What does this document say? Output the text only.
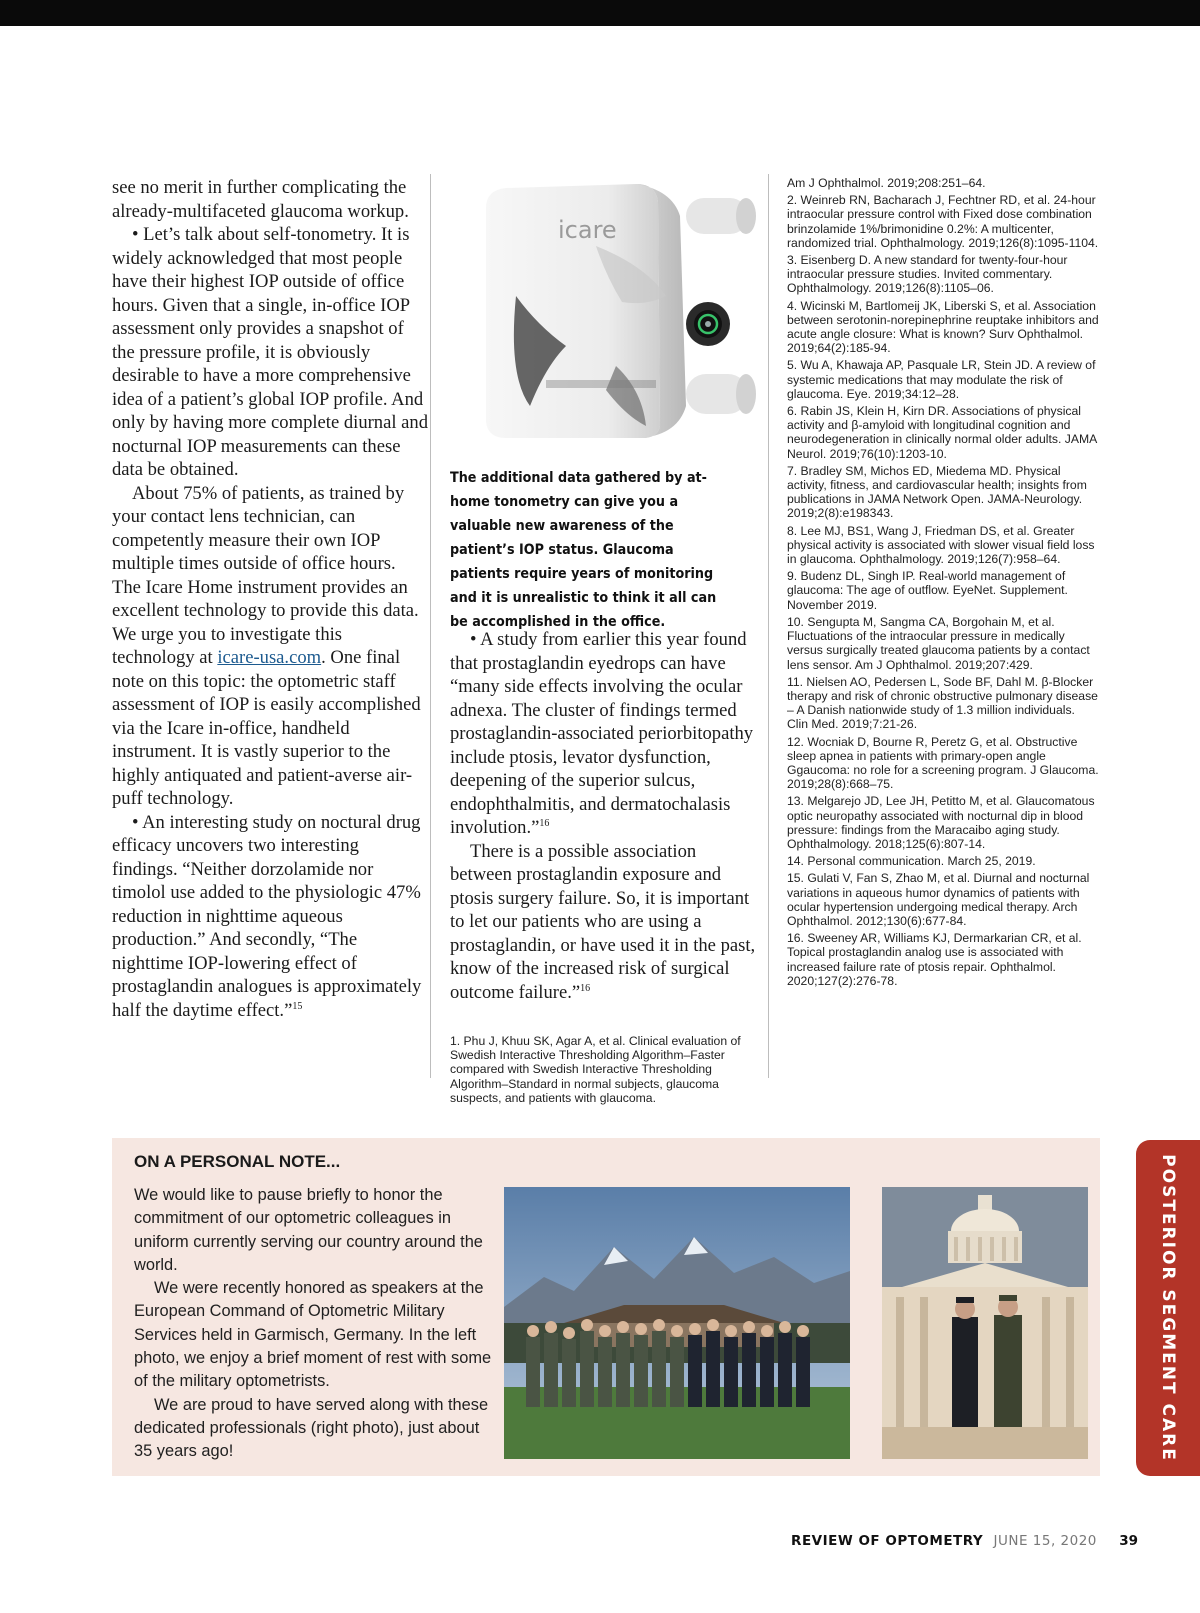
see no merit in further complicating the already-multifaceted glaucoma workup.

• Let’s talk about self-tonometry. It is widely acknowledged that most people have their highest IOP outside of office hours. Given that a single, in-office IOP assessment only provides a snapshot of the pressure profile, it is obviously desirable to have a more comprehensive idea of a patient’s global IOP profile. And only by having more complete diurnal and nocturnal IOP measurements can these data be obtained.

About 75% of patients, as trained by your contact lens technician, can competently measure their own IOP multiple times outside of office hours. The Icare Home instrument provides an excellent technology to provide this data. We urge you to investigate this technology at icare-usa.com. One final note on this topic: the optometric staff assessment of IOP is easily accomplished via the Icare in-office, handheld instrument. It is vastly superior to the highly antiquated and patient-averse air-puff technology.

• An interesting study on noctural drug efficacy uncovers two interesting findings. “Neither dorzolamide nor timolol use added to the physiologic 47% reduction in nighttime aqueous production.” And secondly, “The nighttime IOP-lowering effect of prostaglandin analogues is approximately half the daytime effect.”$^{15}$

icare
The additional data gathered by at-home tonometry can give you a valuable new awareness of the patient’s IOP status. Glaucoma patients require years of monitoring and it is unrealistic to think it all can be accomplished in the office.

• A study from earlier this year found that prostaglandin eyedrops can have “many side effects involving the ocular adnexa. The cluster of findings termed prostaglandin-associated periorbitopathy include ptosis, levator dysfunction, deepening of the superior sulcus, endophthalmitis, and dermatochalasis involution.”$^{16}$

There is a possible association between prostaglandin exposure and ptosis surgery failure. So, it is important to let our patients who are using a prostaglandin, or have used it in the past, know of the increased risk of surgical outcome failure.”$^{16}$

1. Phu J, Khuu SK, Agar A, et al. Clinical evaluation of Swedish Interactive Thresholding Algorithm–Faster compared with Swedish Interactive Thresholding Algorithm–Standard in normal subjects, glaucoma suspects, and patients with glaucoma.
Am J Ophthalmol. 2019;208:251–64.
2. Weinreb RN, Bacharach J, Fechtner RD, et al. 24-hour intraocular pressure control with Fixed dose combination brinzolamide 1%/brimonidine 0.2%: A multicenter, randomized trial. Ophthalmology. 2019;126(8):1095-1104.
3. Eisenberg D. A new standard for twenty-four-hour intraocular pressure studies. Invited commentary. Ophthalmology. 2019;126(8):1105–06.
4. Wicinski M, Bartlomeij JK, Liberski S, et al. Association between serotonin-norepinephrine reuptake inhibitors and acute angle closure: What is known? Surv Ophthalmol. 2019;64(2):185-94.
5. Wu A, Khawaja AP, Pasquale LR, Stein JD. A review of systemic medications that may modulate the risk of glaucoma. Eye. 2019;34:12–28.
6. Rabin JS, Klein H, Kirn DR. Associations of physical activity and β-amyloid with longitudinal cognition and neurodegeneration in clinically normal older adults. JAMA Neurol. 2019;76(10):1203-10.
7. Bradley SM, Michos ED, Miedema MD. Physical activity, fitness, and cardiovascular health; insights from publications in JAMA Network Open. JAMA-Neurology. 2019;2(8):e198343.
8. Lee MJ, BS1, Wang J, Friedman DS, et al. Greater physical activity is associated with slower visual field loss in glaucoma. Ophthalmology. 2019;126(7):958–64.
9. Budenz DL, Singh IP. Real-world management of glaucoma: The age of outflow. EyeNet. Supplement. November 2019.
10. Sengupta M, Sangma CA, Borgohain M, et al. Fluctuations of the intraocular pressure in medically versus surgically treated glaucoma patients by a contact lens sensor. Am J Ophthalmol. 2019;207:429.
11. Nielsen AO, Pedersen L, Sode BF, Dahl M. β-Blocker therapy and risk of chronic obstructive pulmonary disease – A Danish nationwide study of 1.3 million individuals. Clin Med. 2019;7:21-26.
12. Wocniak D, Bourne R, Peretz G, et al. Obstructive sleep apnea in patients with primary-open angle Ggaucoma: no role for a screening program. J Glaucoma. 2019;28(8):668–75.
13. Melgarejo JD, Lee JH, Petitto M, et al. Glaucomatous optic neuropathy associated with nocturnal dip in blood pressure: findings from the Maracaibo aging study. Ophthalmology. 2018;125(6):807-14.
14. Personal communication. March 25, 2019.
15. Gulati V, Fan S, Zhao M, et al. Diurnal and nocturnal variations in aqueous humor dynamics of patients with ocular hypertension undergoing medical therapy. Arch Ophthalmol. 2012;130(6):677-84.
16. Sweeney AR, Williams KJ, Dermarkarian CR, et al. Topical prostaglandin analog use is associated with increased failure rate of ptosis repair. Ophthalmol. 2020;127(2):276-78.
ON A PERSONAL NOTE...

We would like to pause briefly to honor the commitment of our optometric colleagues in uniform currently serving our country around the world.

We were recently honored as speakers at the European Command of Optometric Military Services held in Garmisch, Germany. In the left photo, we enjoy a brief moment of rest with some of the military optometrists.

We are proud to have served along with these dedicated professionals (right photo), just about 35 years ago!	POSTERIOR SEGMENT CARE
REVIEW OF OPTOMETRY JUNE 15, 2020 39
